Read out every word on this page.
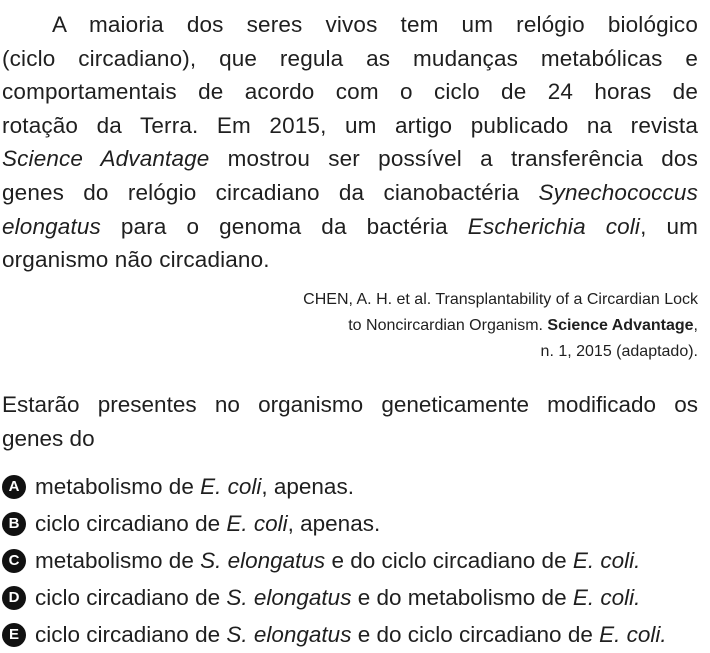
A maioria dos seres vivos tem um relógio biológico
(ciclo circadiano), que regula as mudanças metabólicas e
comportamentais de acordo com o ciclo de 24 horas de
rotação da Terra. Em 2015, um artigo publicado na revista
Science Advantage mostrou ser possível a transferência dos
genes do relógio circadiano da cianobactéria Synechococcus
elongatus para o genoma da bactéria Escherichia coli, um
organismo não circadiano.
CHEN, A. H. et al. Transplantability of a Circardian Lock
to Noncircardian Organism. Science Advantage,
n. 1, 2015 (adaptado).
Estarão presentes no organismo geneticamente modificado os
genes do
A metabolismo de E. coli, apenas.
B ciclo circadiano de E. coli, apenas.
C metabolismo de S. elongatus e do ciclo circadiano de E. coli.
D ciclo circadiano de S. elongatus e do metabolismo de E. coli.
E ciclo circadiano de S. elongatus e do ciclo circadiano de E. coli.
